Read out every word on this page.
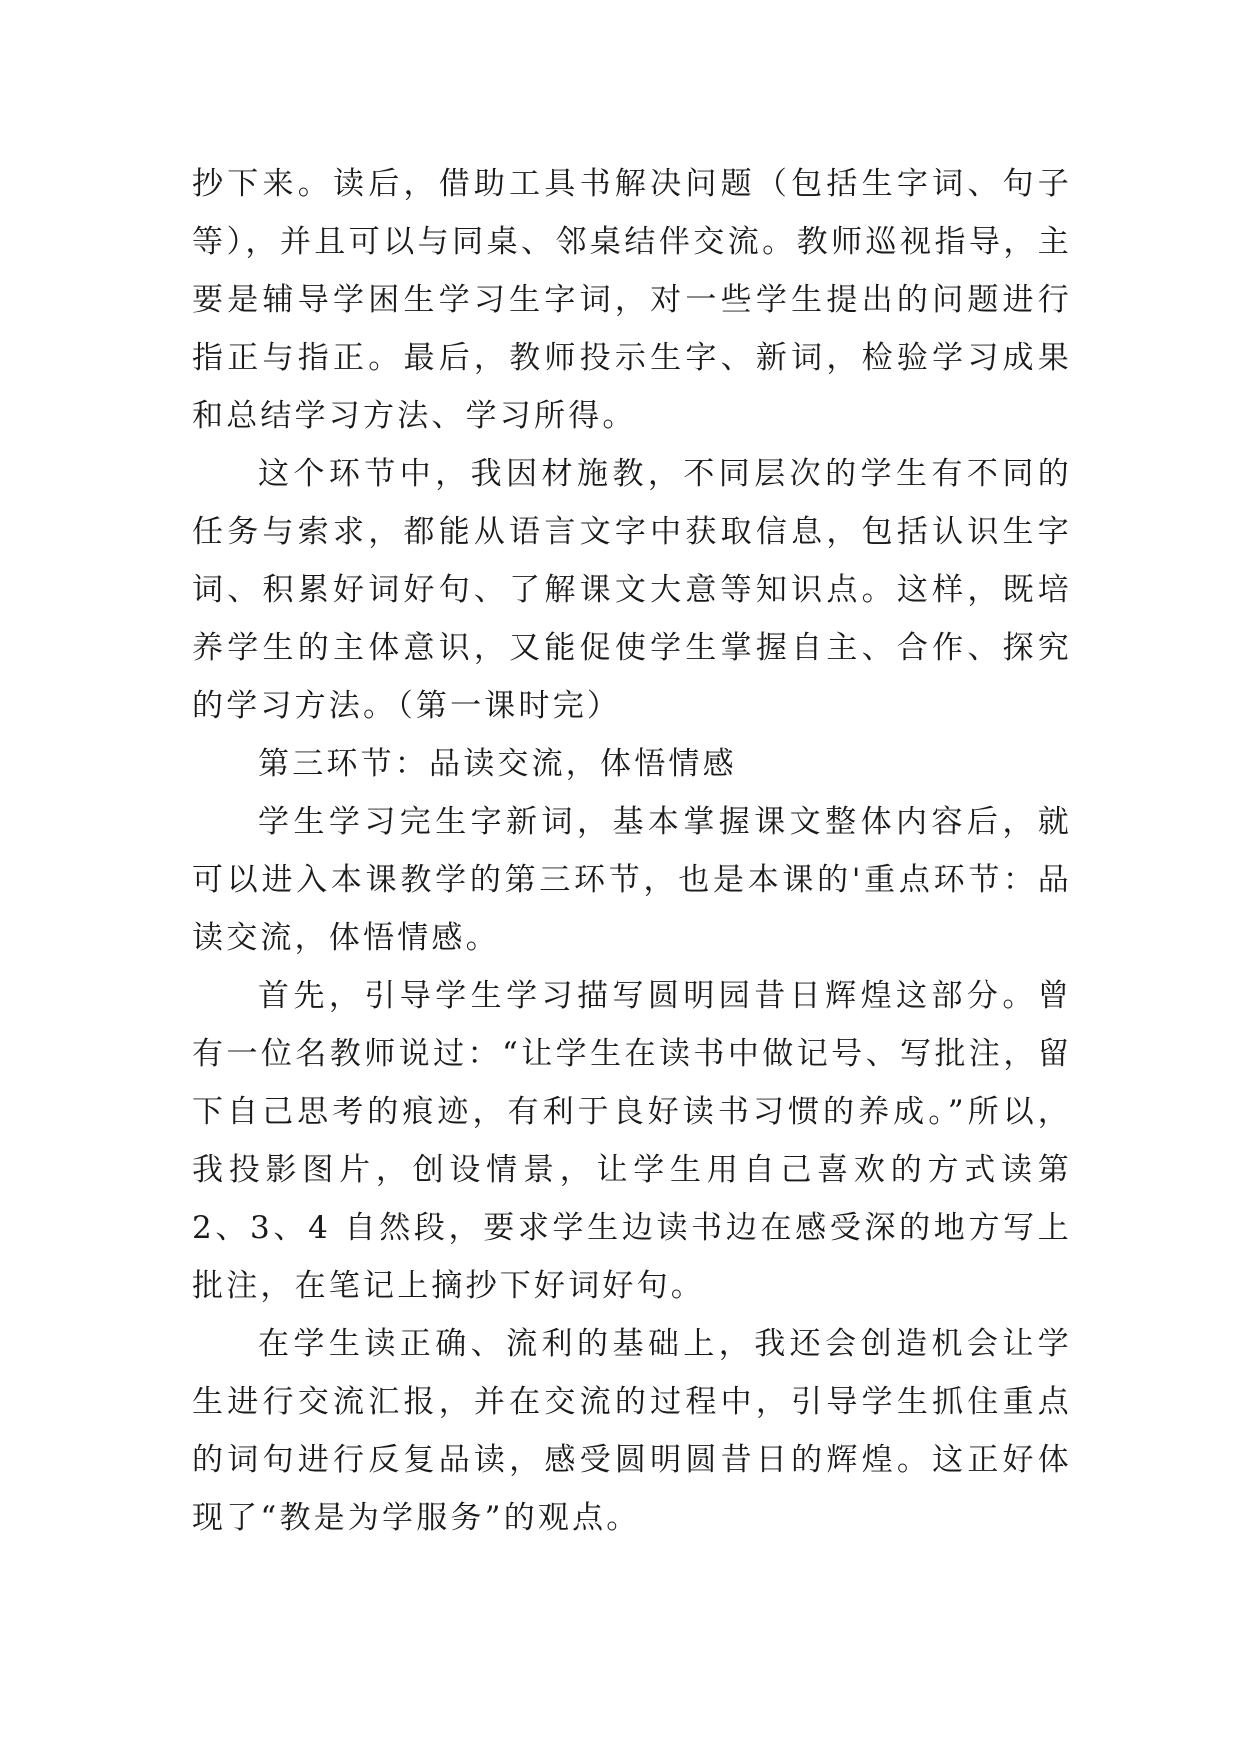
抄下来。读后，借助工具书解决问题（包括生字词、句子等），并且可以与同桌、邻桌结伴交流。教师巡视指导，主要是辅导学困生学习生字词，对一些学生提出的问题进行指正与指正。最后，教师投示生字、新词，检验学习成果和总结学习方法、学习所得。

这个环节中，我因材施教，不同层次的学生有不同的任务与索求，都能从语言文字中获取信息，包括认识生字词、积累好词好句、了解课文大意等知识点。这样，既培养学生的主体意识，又能促使学生掌握自主、合作、探究的学习方法。（第一课时完）

第三环节：品读交流，体悟情感

学生学习完生字新词，基本掌握课文整体内容后，就可以进入本课教学的第三环节，也是本课的'重点环节：品读交流，体悟情感。

首先，引导学生学习描写圆明园昔日辉煌这部分。曾有一位名教师说过：“让学生在读书中做记号、写批注，留下自己思考的痕迹，有利于良好读书习惯的养成。”所以，我投影图片，创设情景，让学生用自己喜欢的方式读第 2、3、4 自然段，要求学生边读书边在感受深的地方写上批注，在笔记上摘抄下好词好句。

在学生读正确、流利的基础上，我还会创造机会让学生进行交流汇报，并在交流的过程中，引导学生抓住重点的词句进行反复品读，感受圆明圆昔日的辉煌。这正好体现了“教是为学服务”的观点。
